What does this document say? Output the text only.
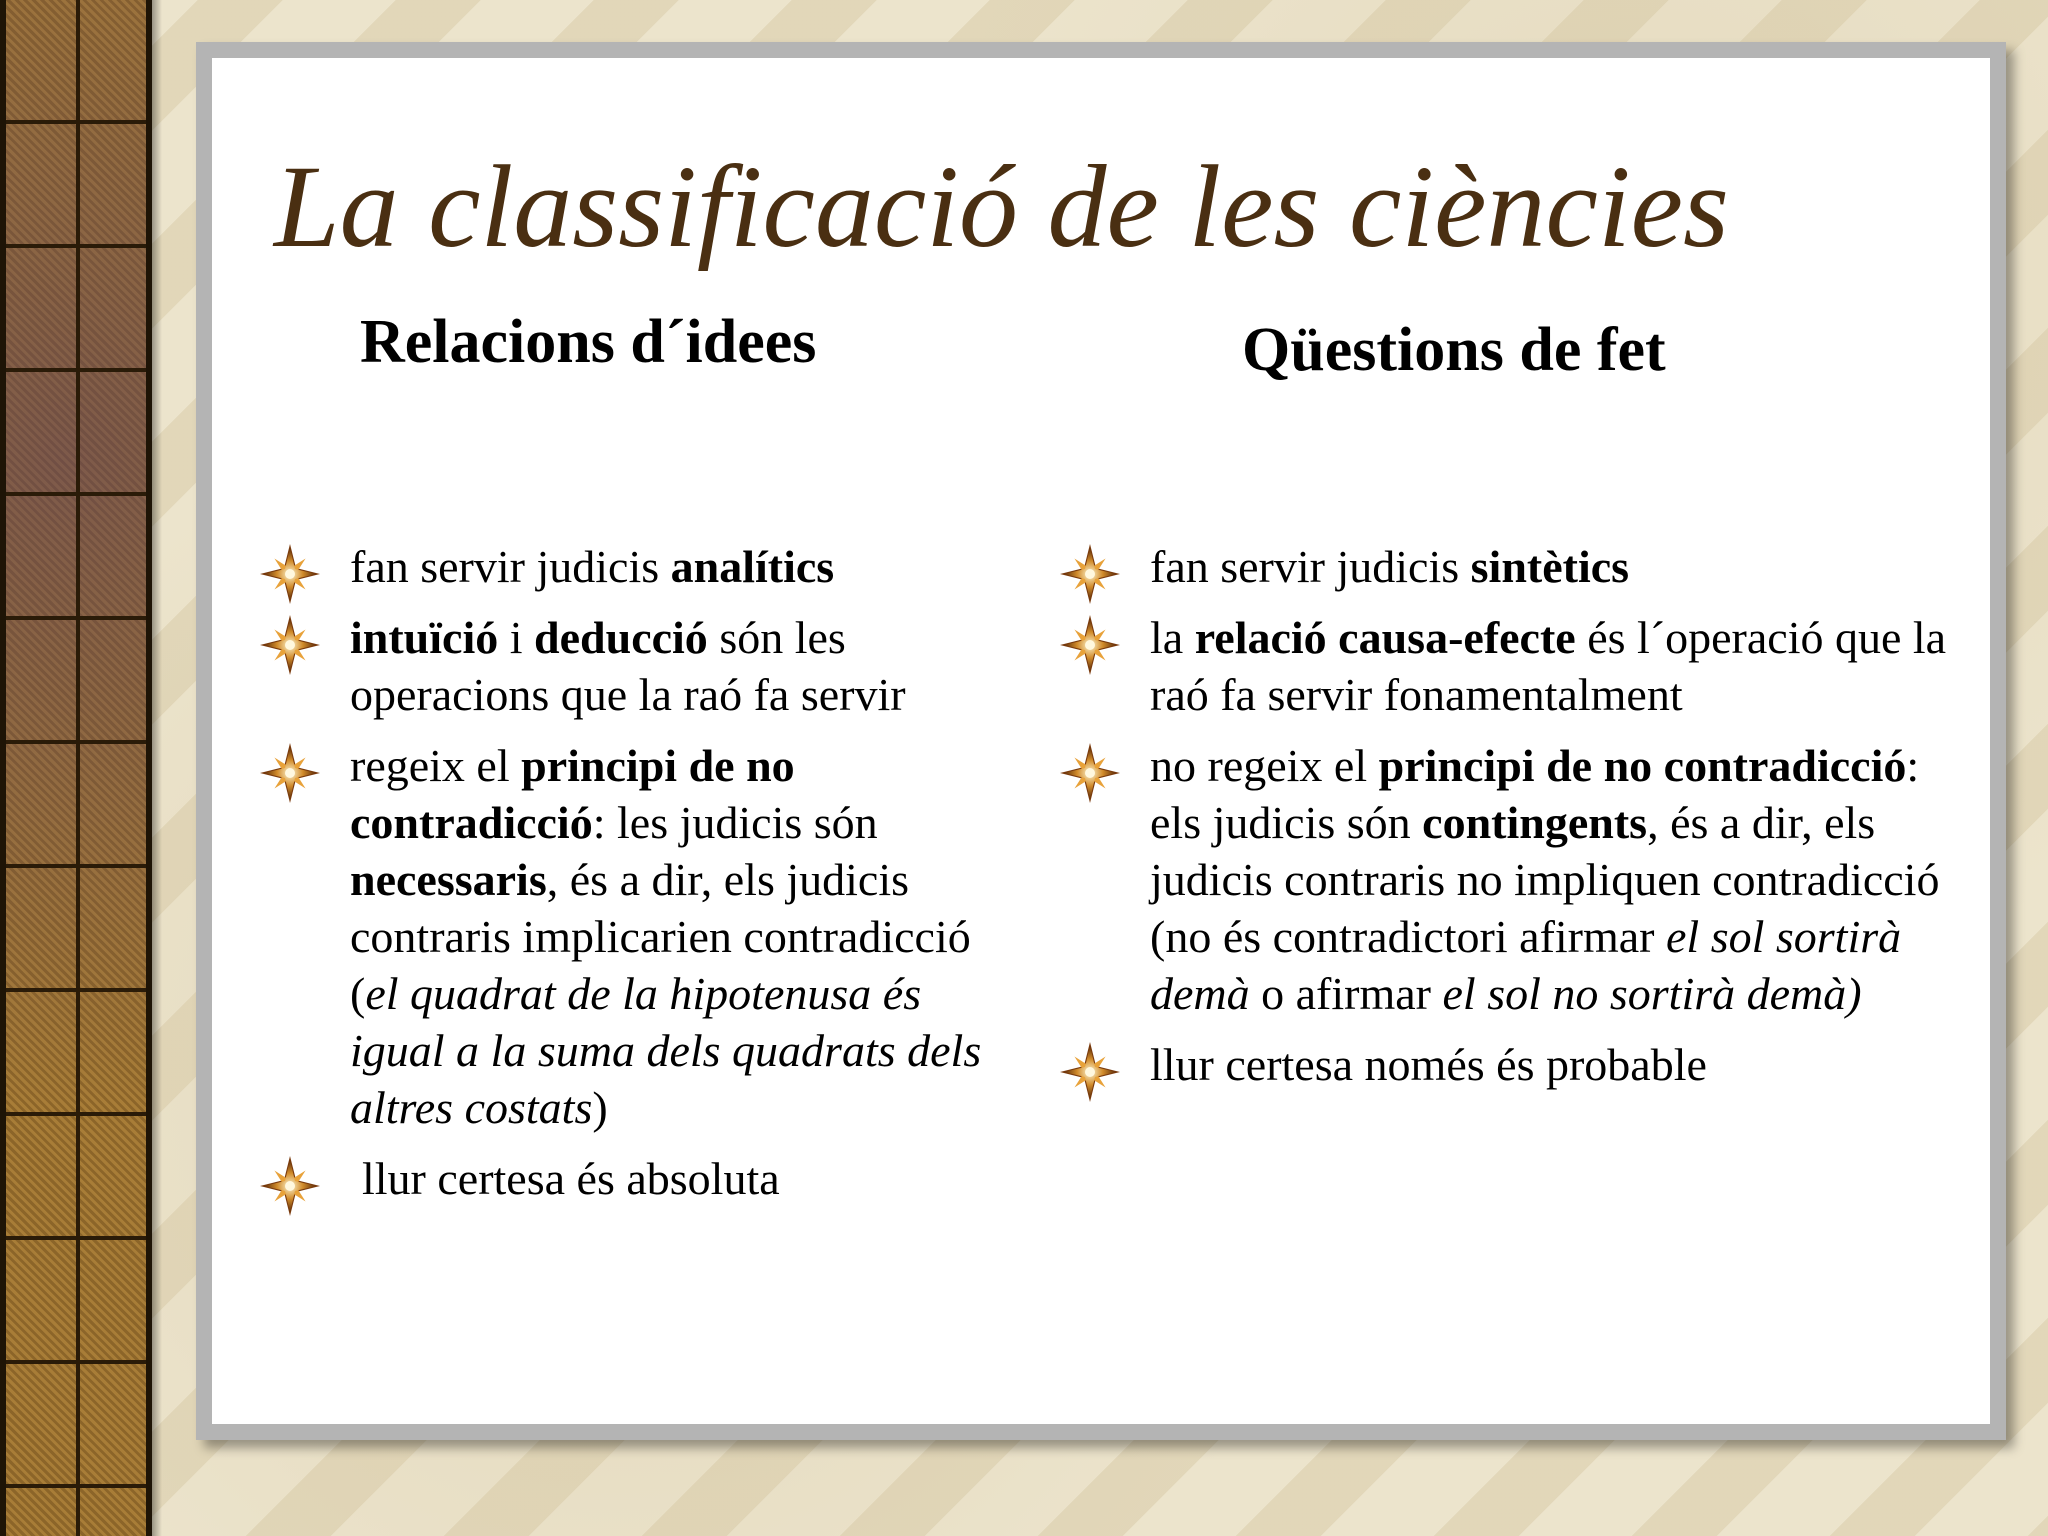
La classificació de les ciències
Relacions d´idees	Qüestions de fet
fan servir judicis analítics
intuïció i deducció són les operacions que la raó fa servir
regeix el principi de no contradicció: les judicis són necessaris, és a dir, els judicis contraris implicarien contradicció (el quadrat de la hipotenusa és igual a la suma dels quadrats dels altres costats)
llur certesa és absoluta
fan servir judicis sintètics
la relació causa-efecte és l´operació que la raó fa servir fonamentalment
no regeix el principi de no contradicció: els judicis són contingents, és a dir, els judicis contraris no impliquen contradicció (no és contradictori afirmar el sol sortirà demà o afirmar el sol no sortirà demà)
llur certesa només és probable
